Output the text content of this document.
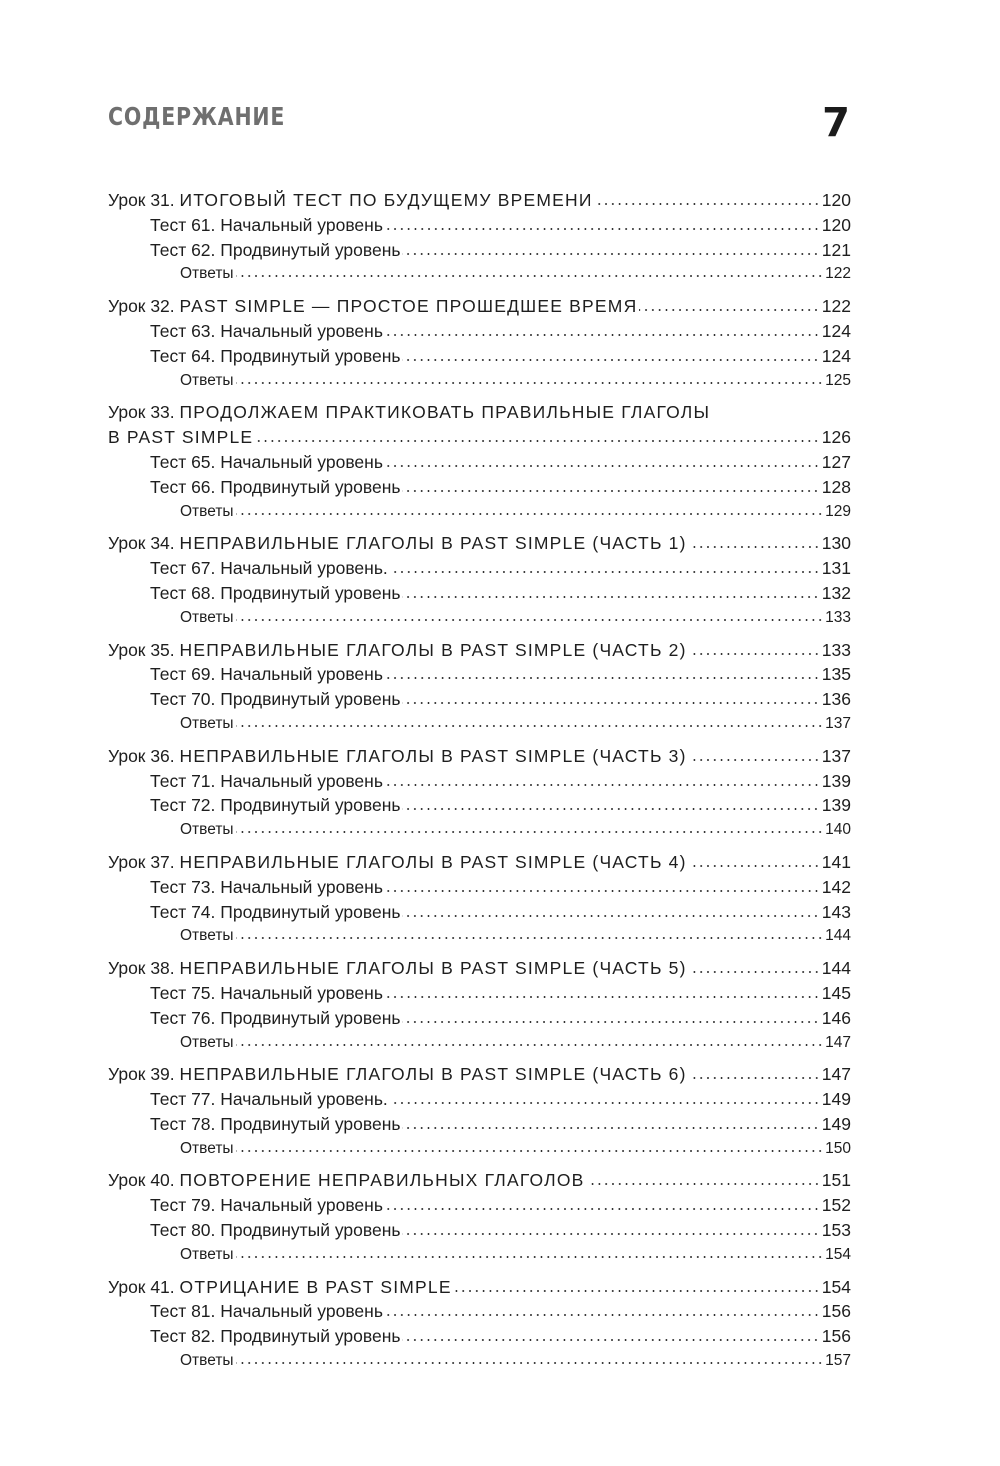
СОДЕРЖАНИЕ	7
Урок 31. ИТОГОВЫЙ ТЕСТ ПО БУДУЩЕМУ ВРЕМЕНИ	120
Тест 61. Начальный уровень	120
Тест 62. Продвинутый уровень	121
Ответы	122
Урок 32. PAST SIMPLE — ПРОСТОЕ ПРОШЕДШЕЕ ВРЕМЯ	122
Тест 63. Начальный уровень	124
Тест 64. Продвинутый уровень	124
Ответы	125
Урок 33. ПРОДОЛЖАЕМ ПРАКТИКОВАТЬ ПРАВИЛЬНЫЕ ГЛАГОЛЫ
В PAST SIMPLE	126
Тест 65. Начальный уровень	127
Тест 66. Продвинутый уровень	128
Ответы	129
Урок 34. НЕПРАВИЛЬНЫЕ ГЛАГОЛЫ В PAST SIMPLE (ЧАСТЬ 1)	130
Тест 67. Начальный уровень.	131
Тест 68. Продвинутый уровень	132
Ответы	133
Урок 35. НЕПРАВИЛЬНЫЕ ГЛАГОЛЫ В PAST SIMPLE (ЧАСТЬ 2)	133
Тест 69. Начальный уровень	135
Тест 70. Продвинутый уровень	136
Ответы	137
Урок 36. НЕПРАВИЛЬНЫЕ ГЛАГОЛЫ В PAST SIMPLE (ЧАСТЬ 3)	137
Тест 71. Начальный уровень	139
Тест 72. Продвинутый уровень	139
Ответы	140
Урок 37. НЕПРАВИЛЬНЫЕ ГЛАГОЛЫ В PAST SIMPLE (ЧАСТЬ 4)	141
Тест 73. Начальный уровень	142
Тест 74. Продвинутый уровень	143
Ответы	144
Урок 38. НЕПРАВИЛЬНЫЕ ГЛАГОЛЫ В PAST SIMPLE (ЧАСТЬ 5)	144
Тест 75. Начальный уровень	145
Тест 76. Продвинутый уровень	146
Ответы	147
Урок 39. НЕПРАВИЛЬНЫЕ ГЛАГОЛЫ В PAST SIMPLE (ЧАСТЬ 6)	147
Тест 77. Начальный уровень.	149
Тест 78. Продвинутый уровень	149
Ответы	150
Урок 40. ПОВТОРЕНИЕ НЕПРАВИЛЬНЫХ ГЛАГОЛОВ	151
Тест 79. Начальный уровень	152
Тест 80. Продвинутый уровень	153
Ответы	154
Урок 41. ОТРИЦАНИЕ В PAST SIMPLE	154
Тест 81. Начальный уровень	156
Тест 82. Продвинутый уровень	156
Ответы	157
